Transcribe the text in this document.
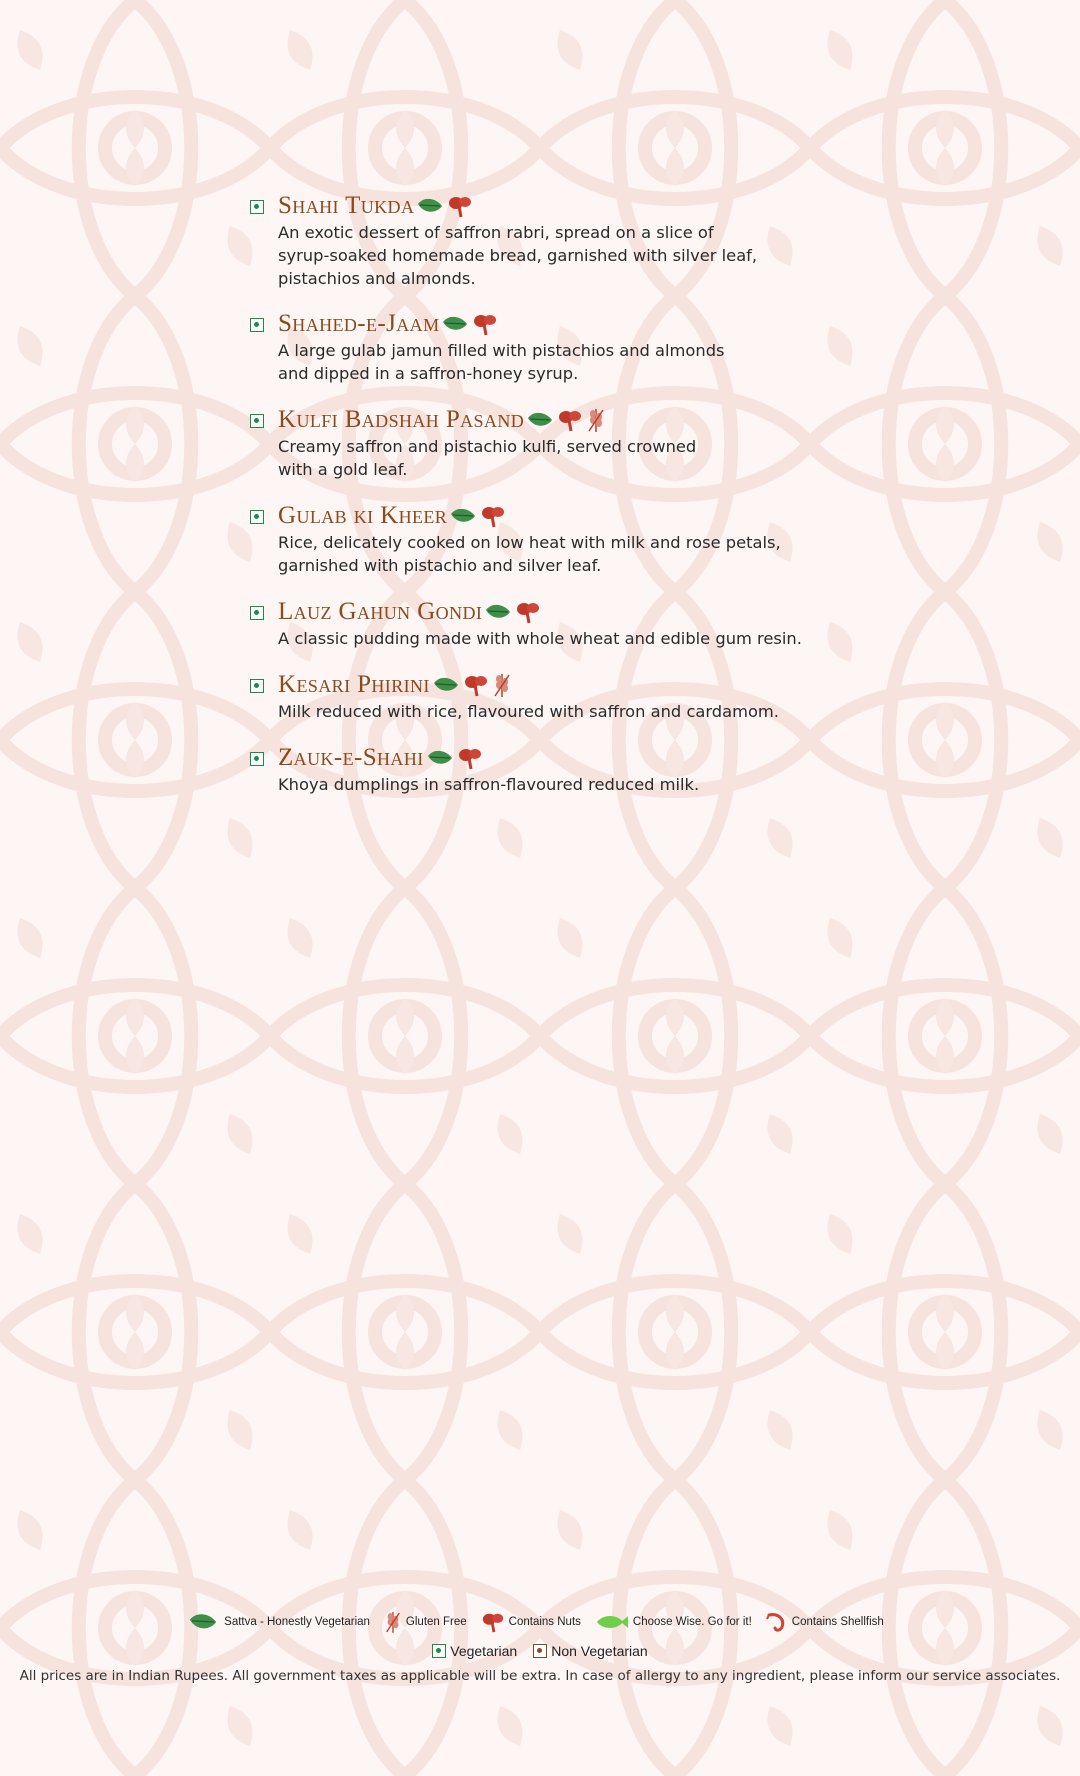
Shahi Tukda
An exotic dessert of saffron rabri, spread on a slice of
syrup-soaked homemade bread, garnished with silver leaf,
pistachios and almonds.
Shahed-e-Jaam
A large gulab jamun filled with pistachios and almonds
and dipped in a saffron-honey syrup.
Kulfi Badshah Pasand
Creamy saffron and pistachio kulfi, served crowned
with a gold leaf.
Gulab ki Kheer
Rice, delicately cooked on low heat with milk and rose petals,
garnished with pistachio and silver leaf.
Lauz Gahun Gondi
A classic pudding made with whole wheat and edible gum resin.
Kesari Phirini
Milk reduced with rice, flavoured with saffron and cardamom.
Zauk-e-Shahi
Khoya dumplings in saffron-flavoured reduced milk.
Sattva - Honestly Vegetarian	Gluten Free	Contains Nuts	Choose Wise. Go for it!	Contains Shellfish
Vegetarian Non Vegetarian
All prices are in Indian Rupees. All government taxes as applicable will be extra. In case of allergy to any ingredient, please inform our service associates.
